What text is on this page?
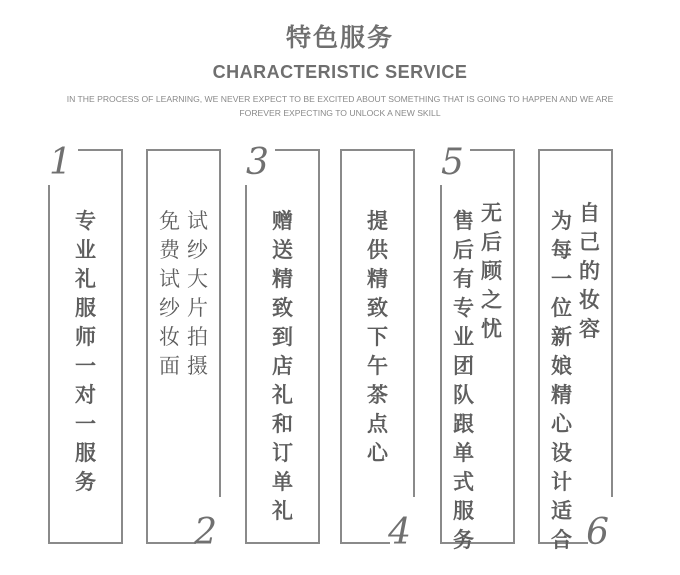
特色服务
CHARACTERISTIC SERVICE
IN THE PROCESS OF LEARNING, WE NEVER EXPECT TO BE EXCITED ABOUT SOMETHING THAT IS GOING TO HAPPEN AND WE ARE
FOREVER EXPECTING TO UNLOCK A NEW SKILL
1
专业礼服师一对一服务
2
免费试纱妆面
试纱大片拍摄
3
赠送精致到店礼和订单礼
4
提供精致下午茶点心
5
售后有专业团队跟单式服务
无后顾之忧
6
为每一位新娘精心设计适合
自己的妆容
